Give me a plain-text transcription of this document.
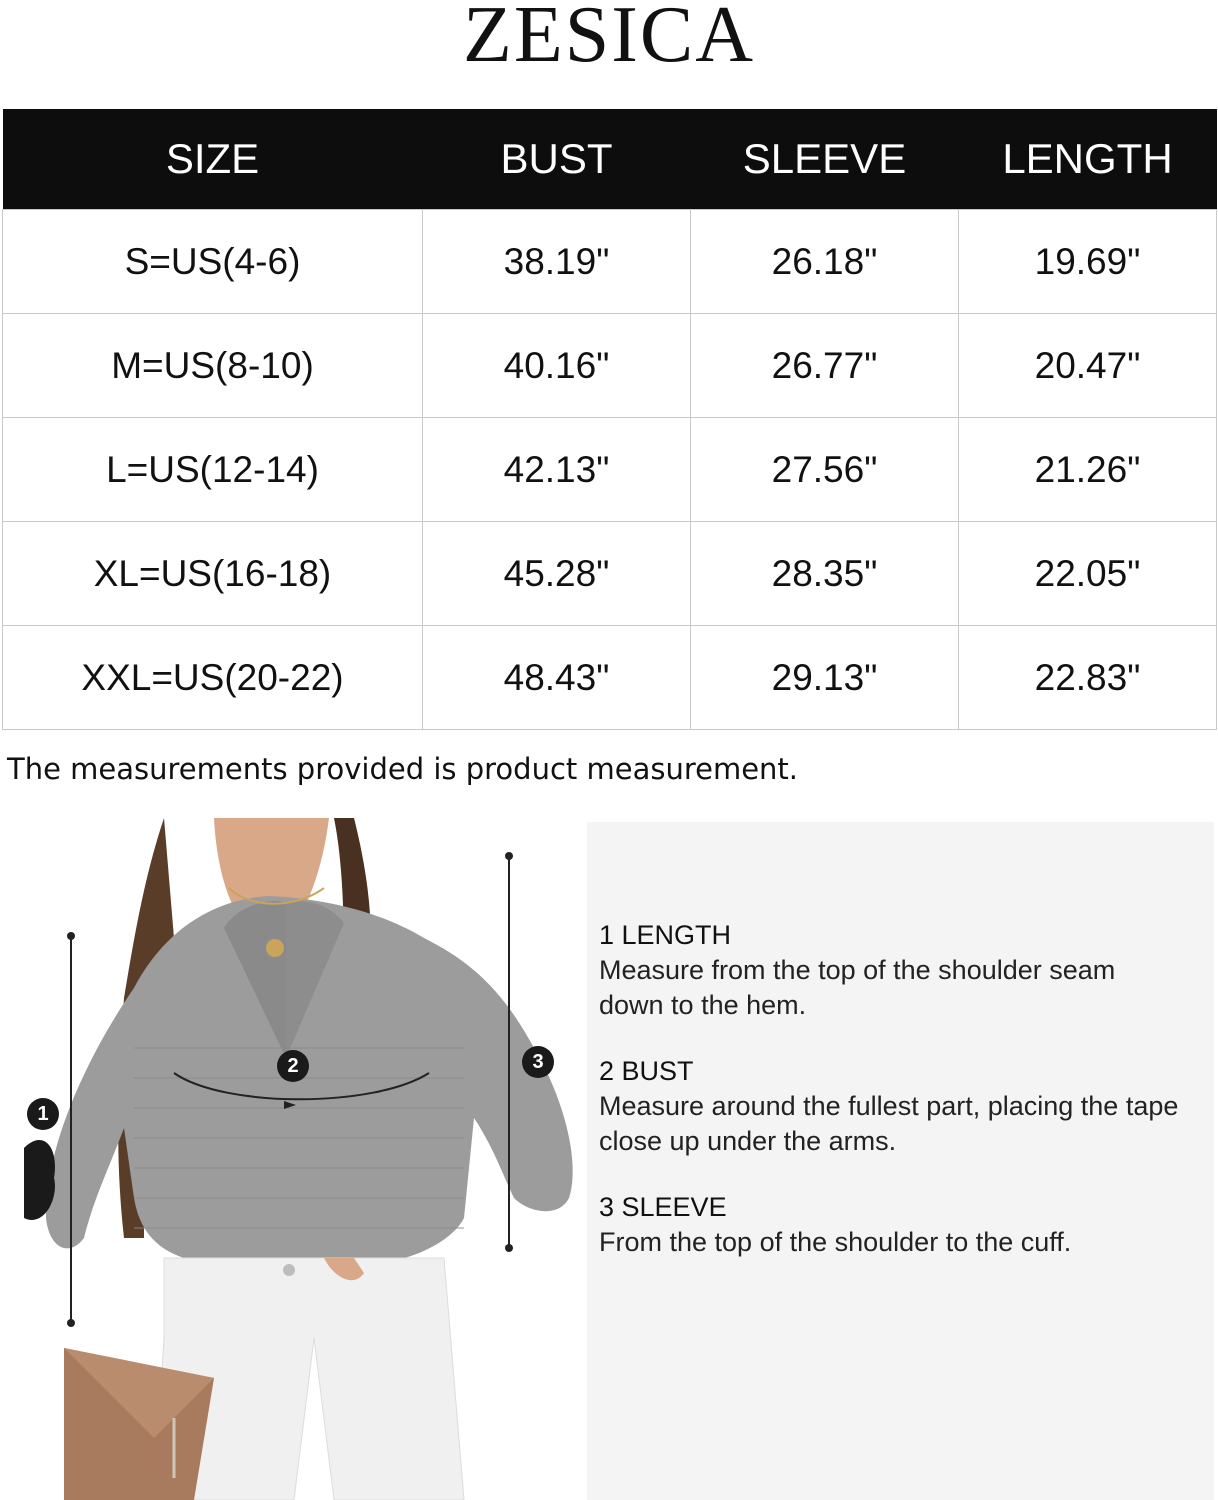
ZESICA
SIZE	BUST	SLEEVE	LENGTH
S=US(4-6)	38.19"	26.18"	19.69"
M=US(8-10)	40.16"	26.77"	20.47"
L=US(12-14)	42.13"	27.56"	21.26"
XL=US(16-18)	45.28"	28.35"	22.05"
XXL=US(20-22)	48.43"	29.13"	22.83"
The measurements provided is product measurement.
1
2	3
1 LENGTH
Measure from the top of the shoulder seam down to the hem.
2 BUST
Measure around the fullest part, placing the tape close up under the arms.
3 SLEEVE
From the top of the shoulder to the cuff.
